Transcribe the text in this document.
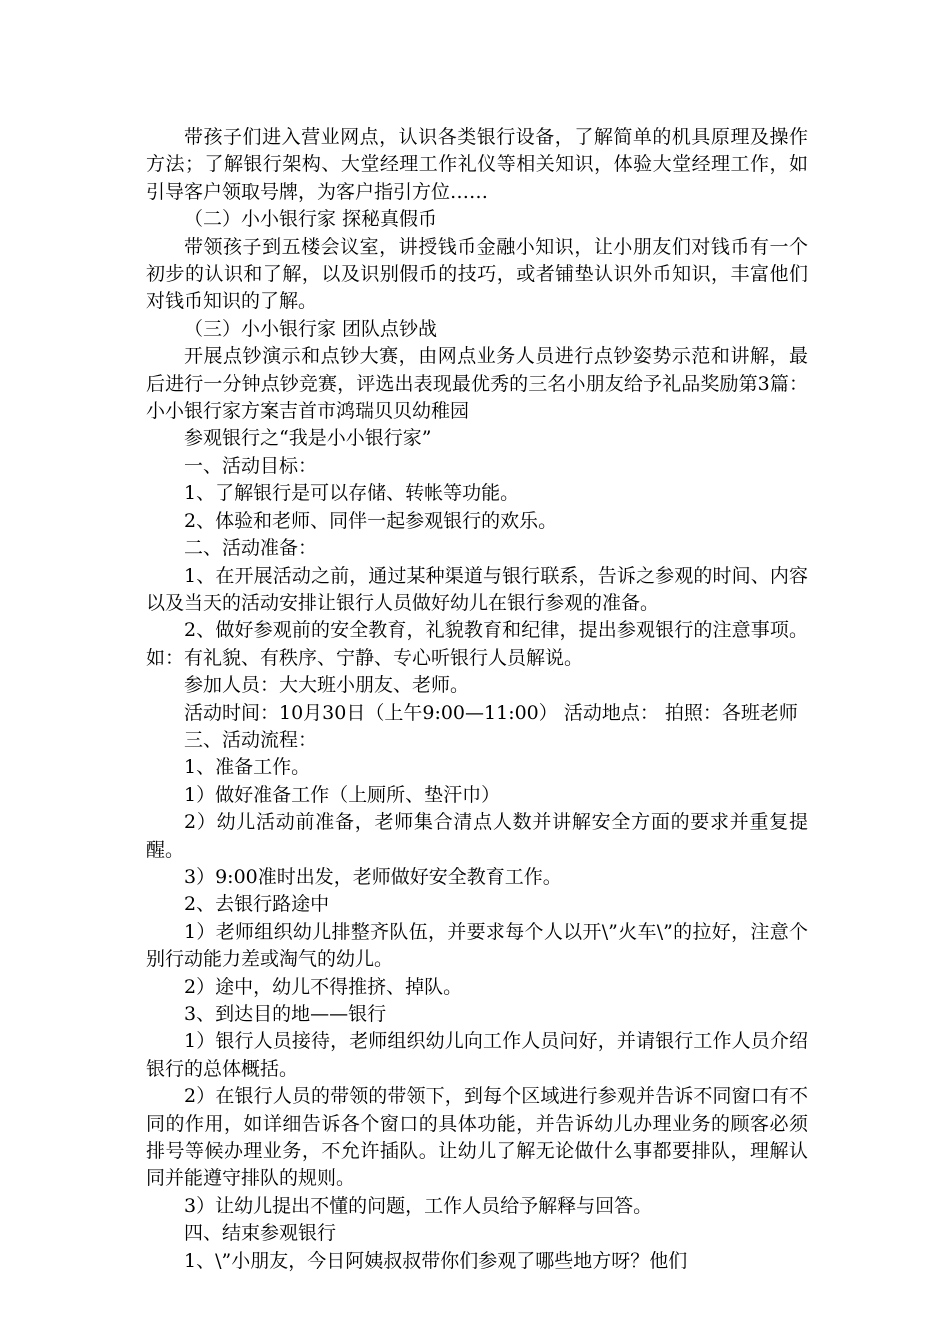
带孩子们进入营业网点，认识各类银行设备，了解简单的机具原理及操作方法；了解银行架构、大堂经理工作礼仪等相关知识，体验大堂经理工作，如引导客户领取号牌，为客户指引方位……

（二）小小银行家 探秘真假币

带领孩子到五楼会议室，讲授钱币金融小知识，让小朋友们对钱币有一个初步的认识和了解，以及识别假币的技巧，或者铺垫认识外币知识，丰富他们对钱币知识的了解。

（三）小小银行家 团队点钞战

开展点钞演示和点钞大赛，由网点业务人员进行点钞姿势示范和讲解，最后进行一分钟点钞竞赛，评选出表现最优秀的三名小朋友给予礼品奖励第3篇：小小银行家方案吉首市鸿瑞贝贝幼稚园

参观银行之“我是小小银行家”

一、活动目标：

1、了解银行是可以存储、转帐等功能。

2、体验和老师、同伴一起参观银行的欢乐。

二、活动准备：

1、在开展活动之前，通过某种渠道与银行联系，告诉之参观的时间、内容以及当天的活动安排让银行人员做好幼儿在银行参观的准备。

2、做好参观前的安全教育，礼貌教育和纪律，提出参观银行的注意事项。如：有礼貌、有秩序、宁静、专心听银行人员解说。

参加人员：大大班小朋友、老师。

活动时间：10月30日（上午9:00—11:00） 活动地点： 拍照：各班老师

三、活动流程：

1、准备工作。

1）做好准备工作（上厕所、垫汗巾）

2）幼儿活动前准备，老师集合清点人数并讲解安全方面的要求并重复提醒。

3）9:00准时出发，老师做好安全教育工作。

2、去银行路途中

1）老师组织幼儿排整齐队伍，并要求每个人以开\”火车\”的拉好，注意个别行动能力差或淘气的幼儿。

2）途中，幼儿不得推挤、掉队。

3、到达目的地——银行

1）银行人员接待，老师组织幼儿向工作人员问好，并请银行工作人员介绍银行的总体概括。

2）在银行人员的带领的带领下，到每个区域进行参观并告诉不同窗口有不同的作用，如详细告诉各个窗口的具体功能，并告诉幼儿办理业务的顾客必须排号等候办理业务，不允许插队。让幼儿了解无论做什么事都要排队，理解认同并能遵守排队的规则。

3）让幼儿提出不懂的问题，工作人员给予解释与回答。

四、结束参观银行

1、\”小朋友，今日阿姨叔叔带你们参观了哪些地方呀？他们
